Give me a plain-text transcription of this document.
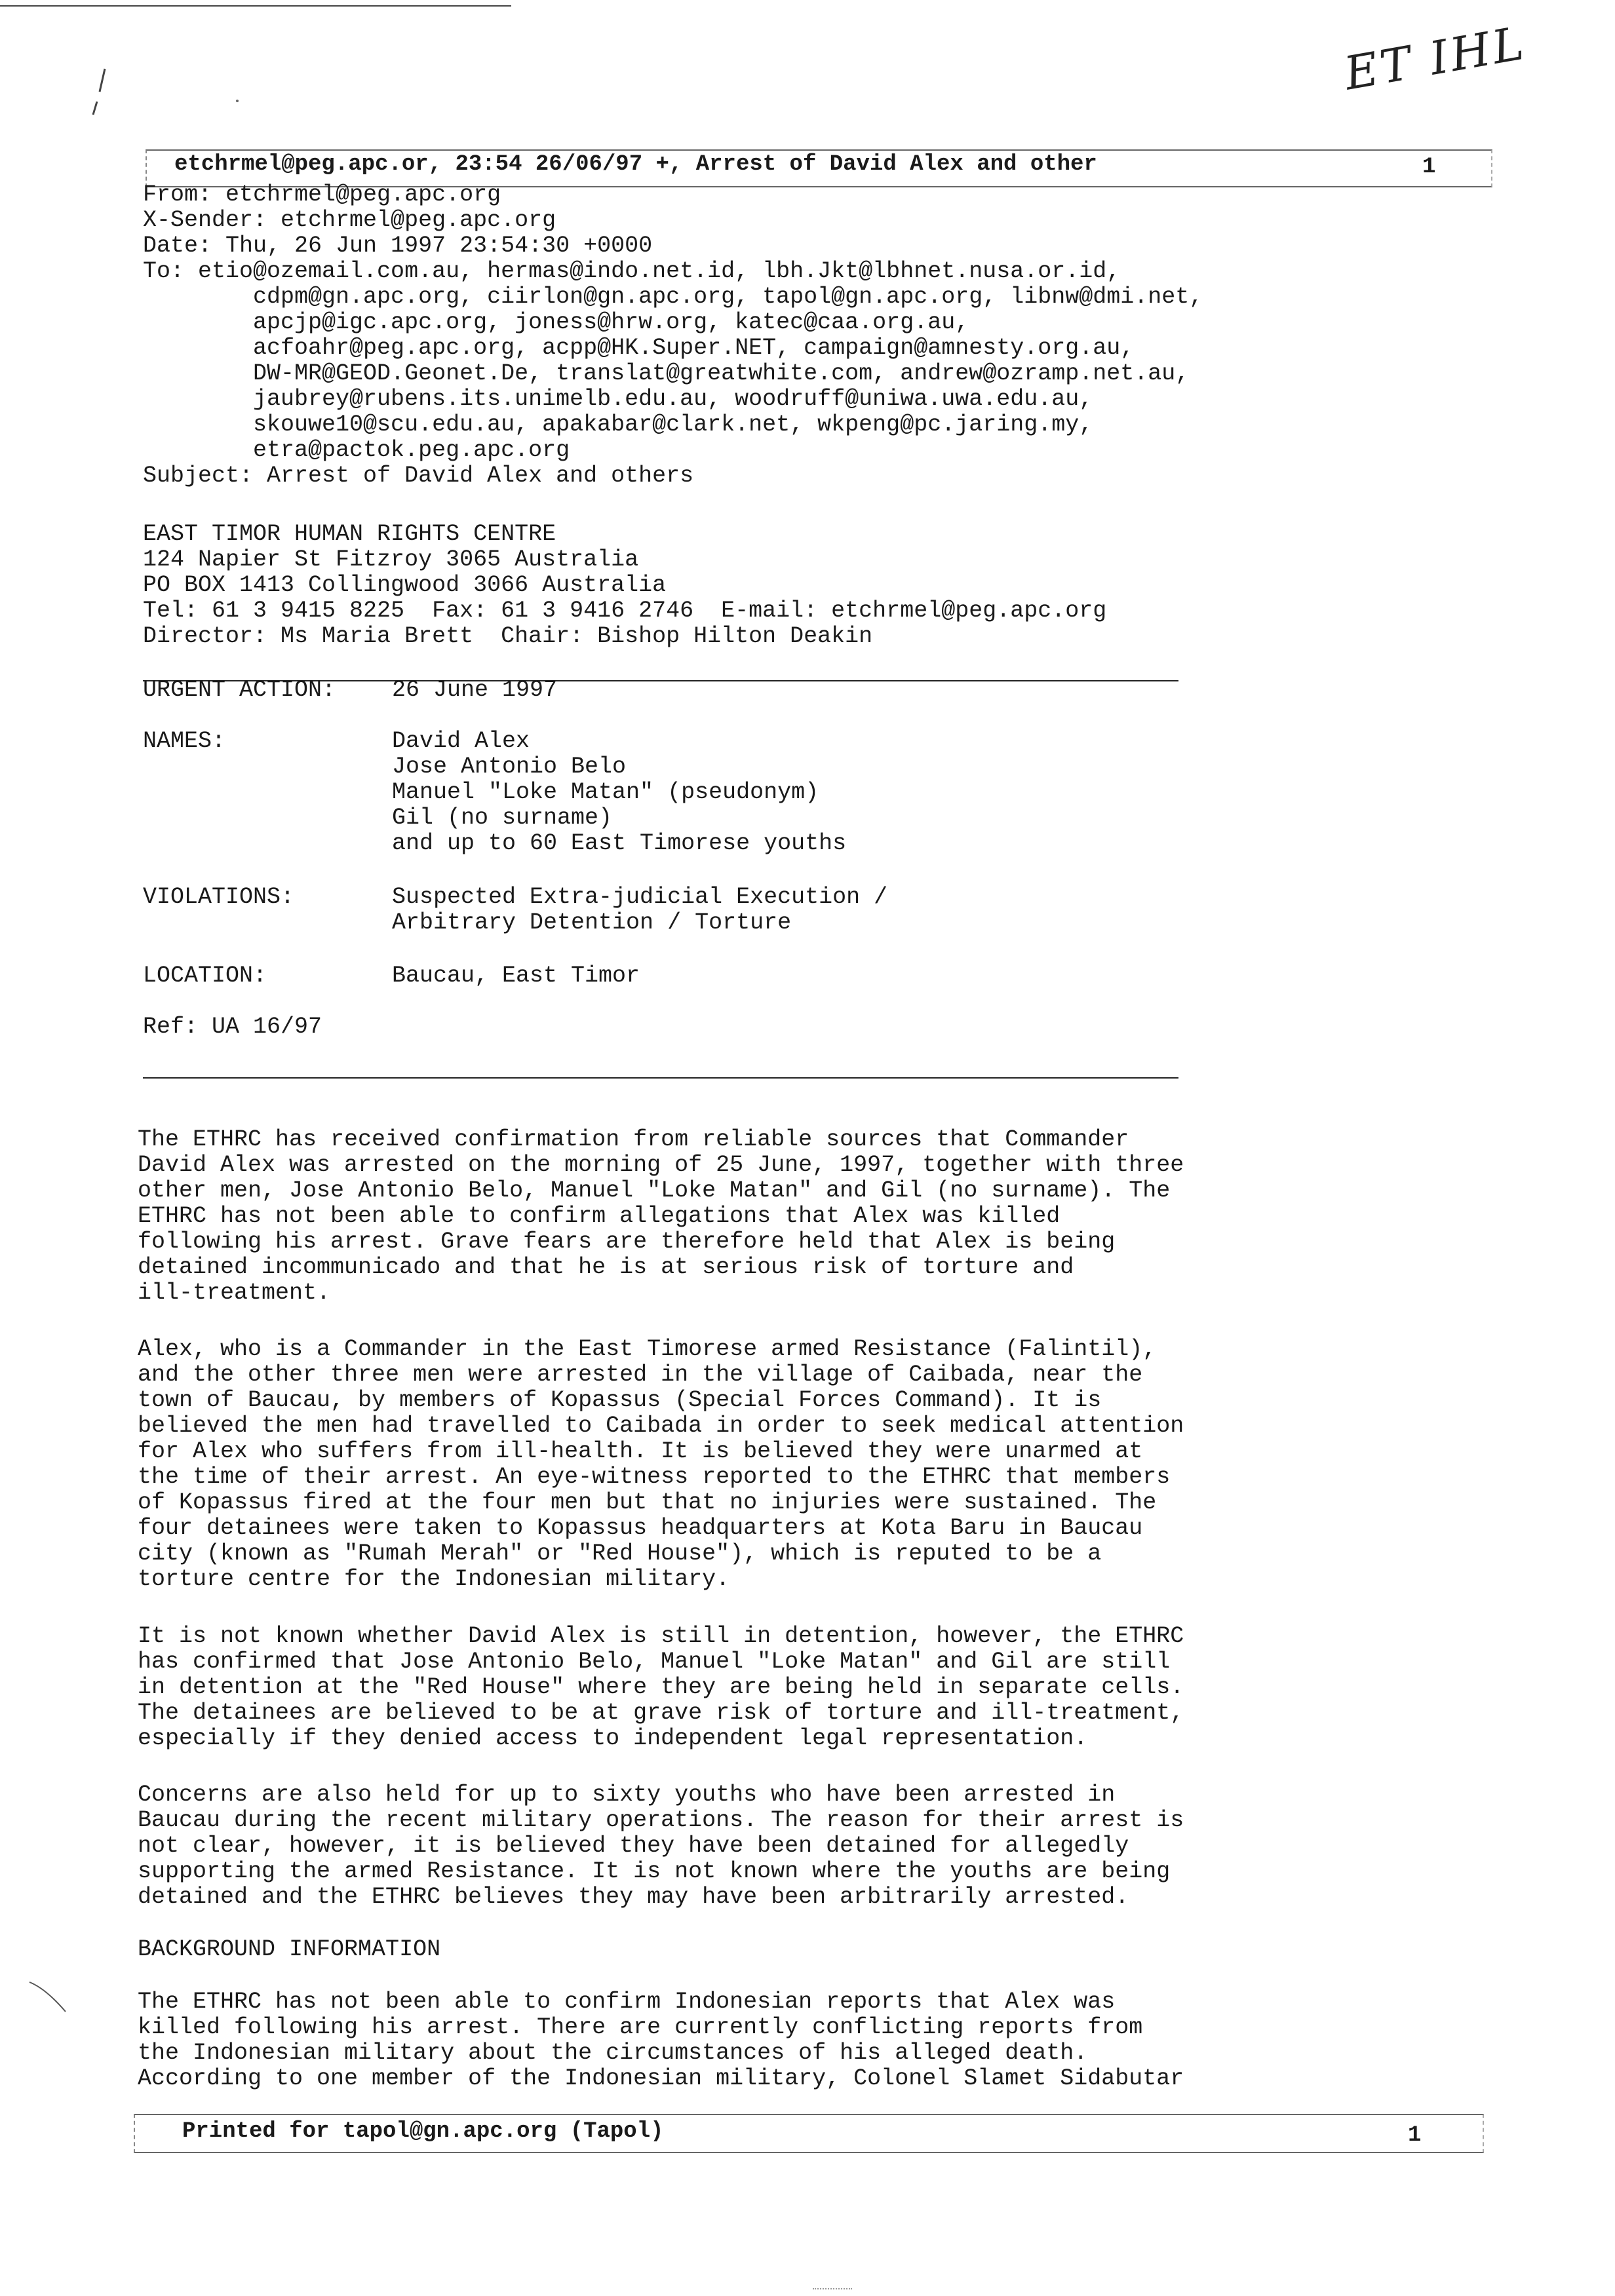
ET IHL
etchrmel@peg.apc.or, 23:54 26/06/97 +, Arrest of David Alex and other	1
From: etchrmel@peg.apc.org
X-Sender: etchrmel@peg.apc.org
Date: Thu, 26 Jun 1997 23:54:30 +0000
To: etio@ozemail.com.au, hermas@indo.net.id, lbh.Jkt@lbhnet.nusa.or.id,
cdpm@gn.apc.org, ciirlon@gn.apc.org, tapol@gn.apc.org, libnw@dmi.net,
apcjp@igc.apc.org, joness@hrw.org, katec@caa.org.au,
acfoahr@peg.apc.org, acpp@HK.Super.NET, campaign@amnesty.org.au,
DW-MR@GEOD.Geonet.De, translat@greatwhite.com, andrew@ozramp.net.au,
jaubrey@rubens.its.unimelb.edu.au, woodruff@uniwa.uwa.edu.au,
skouwe10@scu.edu.au, apakabar@clark.net, wkpeng@pc.jaring.my,
etra@pactok.peg.apc.org
Subject: Arrest of David Alex and others
EAST TIMOR HUMAN RIGHTS CENTRE
124 Napier St Fitzroy 3065 Australia
PO BOX 1413 Collingwood 3066 Australia
Tel: 61 3 9415 8225  Fax: 61 3 9416 2746  E-mail: etchrmel@peg.apc.org
Director: Ms Maria Brett  Chair: Bishop Hilton Deakin
URGENT ACTION: 26 June 1997
NAMES:	David Alex
Jose Antonio Belo
Manuel "Loke Matan" (pseudonym)
Gil (no surname)
and up to 60 East Timorese youths
VIOLATIONS:	Suspected Extra-judicial Execution /
Arbitrary Detention / Torture
LOCATION:	Baucau, East Timor
Ref: UA 16/97

The ETHRC has received confirmation from reliable sources that Commander

David Alex was arrested on the morning of 25 June, 1997, together with three

other men, Jose Antonio Belo, Manuel "Loke Matan" and Gil (no surname). The

ETHRC has not been able to confirm allegations that Alex was killed

following his arrest. Grave fears are therefore held that Alex is being

detained incommunicado and that he is at serious risk of torture and

ill-treatment.

Alex, who is a Commander in the East Timorese armed Resistance (Falintil),

and the other three men were arrested in the village of Caibada, near the

town of Baucau, by members of Kopassus (Special Forces Command). It is

believed the men had travelled to Caibada in order to seek medical attention

for Alex who suffers from ill-health. It is believed they were unarmed at

the time of their arrest. An eye-witness reported to the ETHRC that members

of Kopassus fired at the four men but that no injuries were sustained. The

four detainees were taken to Kopassus headquarters at Kota Baru in Baucau

city (known as "Rumah Merah" or "Red House"), which is reputed to be a

torture centre for the Indonesian military.

It is not known whether David Alex is still in detention, however, the ETHRC

has confirmed that Jose Antonio Belo, Manuel "Loke Matan" and Gil are still

in detention at the "Red House" where they are being held in separate cells.

The detainees are believed to be at grave risk of torture and ill-treatment,

especially if they denied access to independent legal representation.

Concerns are also held for up to sixty youths who have been arrested in

Baucau during the recent military operations. The reason for their arrest is

not clear, however, it is believed they have been detained for allegedly

supporting the armed Resistance. It is not known where the youths are being

detained and the ETHRC believes they may have been arbitrarily arrested.

BACKGROUND INFORMATION

The ETHRC has not been able to confirm Indonesian reports that Alex was

killed following his arrest. There are currently conflicting reports from

the Indonesian military about the circumstances of his alleged death.

According to one member of the Indonesian military, Colonel Slamet Sidabutar

Printed for tapol@gn.apc.org (Tapol)	1
